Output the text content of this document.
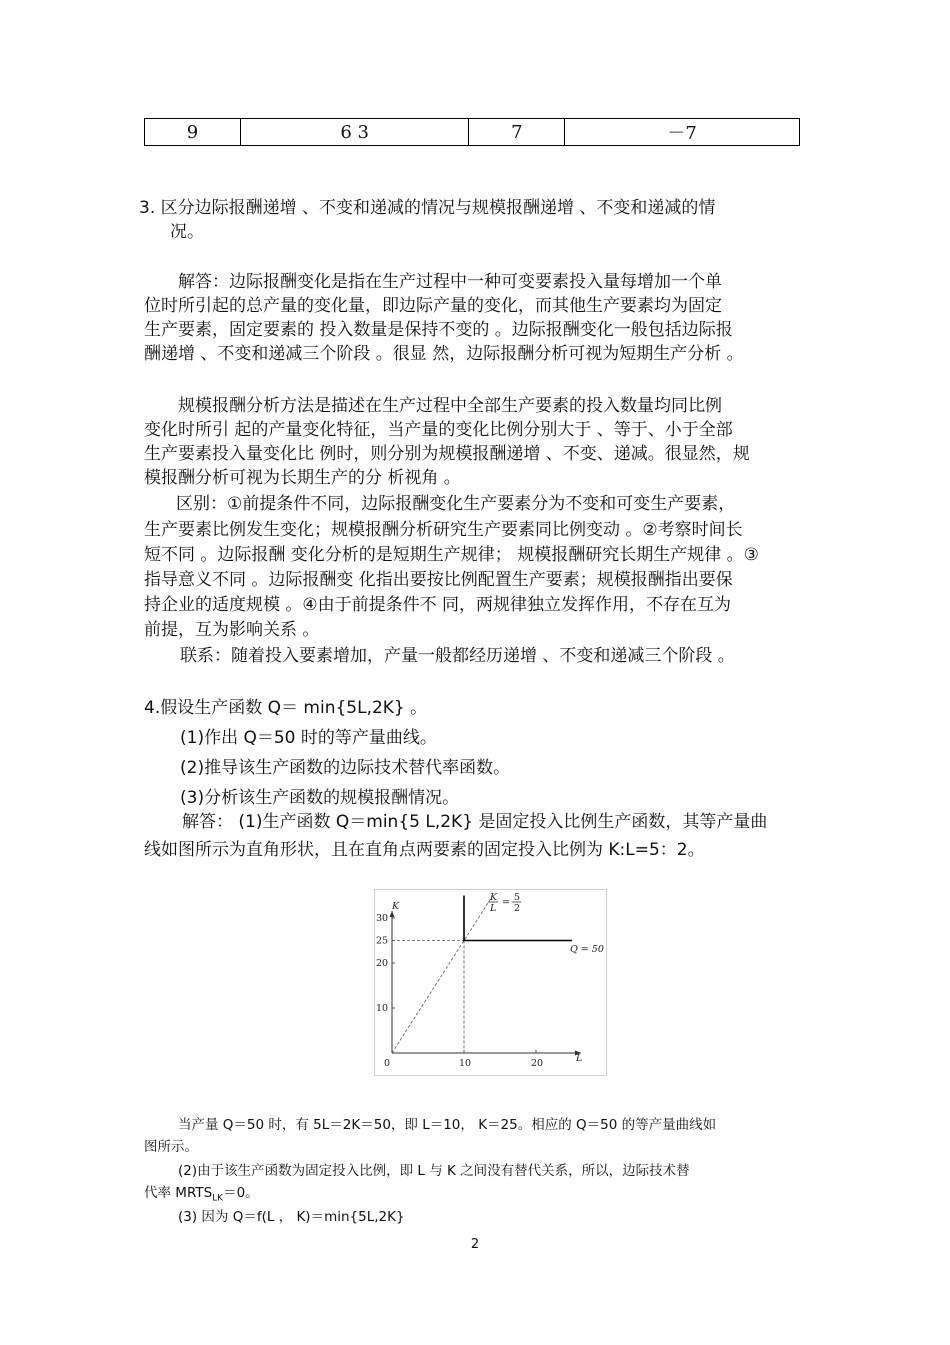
9	6 3	7	－7
3. 区分边际报酬递增 、不变和递减的情况与规模报酬递增 、不变和递减的情
况。
解答：边际报酬变化是指在生产过程中一种可变要素投入量每增加一个单
位时所引起的总产量的变化量，即边际产量的变化，而其他生产要素均为固定
生产要素，固定要素的 投入数量是保持不变的 。边际报酬变化一般包括边际报
酬递增 、不变和递减三个阶段 。很显 然，边际报酬分析可视为短期生产分析 。
规模报酬分析方法是描述在生产过程中全部生产要素的投入数量均同比例
变化时所引 起的产量变化特征，当产量的变化比例分别大于 、等于、小于全部
生产要素投入量变化比 例时，则分别为规模报酬递增 、不变、递减。很显然，规
模报酬分析可视为长期生产的分 析视角 。
区别：①前提条件不同，边际报酬变化生产要素分为不变和可变生产要素，
生产要素比例发生变化；规模报酬分析研究生产要素同比例变动 。②考察时间长
短不同 。边际报酬 变化分析的是短期生产规律； 规模报酬研究长期生产规律 。③
指导意义不同 。边际报酬变 化指出要按比例配置生产要素；规模报酬指出要保
持企业的适度规模 。④由于前提条件不 同，两规律独立发挥作用，不存在互为
前提，互为影响关系 。
联系：随着投入要素增加，产量一般都经历递增 、不变和递减三个阶段 。
4.假设生产函数 Q＝ min{5L,2K} 。
(1)作出 Q＝50 时的等产量曲线。
(2)推导该生产函数的边际技术替代率函数。
(3)分析该生产函数的规模报酬情况。
解答： (1)生产函数 Q＝min{5 L,2K} 是固定投入比例生产函数，其等产量曲
线如图所示为直角形状，且在直角点两要素的固定投入比例为 K:L=5：2。
0	10	20
10
20
25
30
K
L
K
L
= 5
2
Q = 50
当产量 Q＝50 时，有 5L＝2K＝50，即 L＝10， K＝25。相应的 Q＝50 的等产量曲线如
图所示。
(2)由于该生产函数为固定投入比例，即 L 与 K 之间没有替代关系，所以，边际技术替
代率 $MRTS_{LK}=0$。
(3) 因为 Q＝f(L ， K)＝min{5L,2K}
2
